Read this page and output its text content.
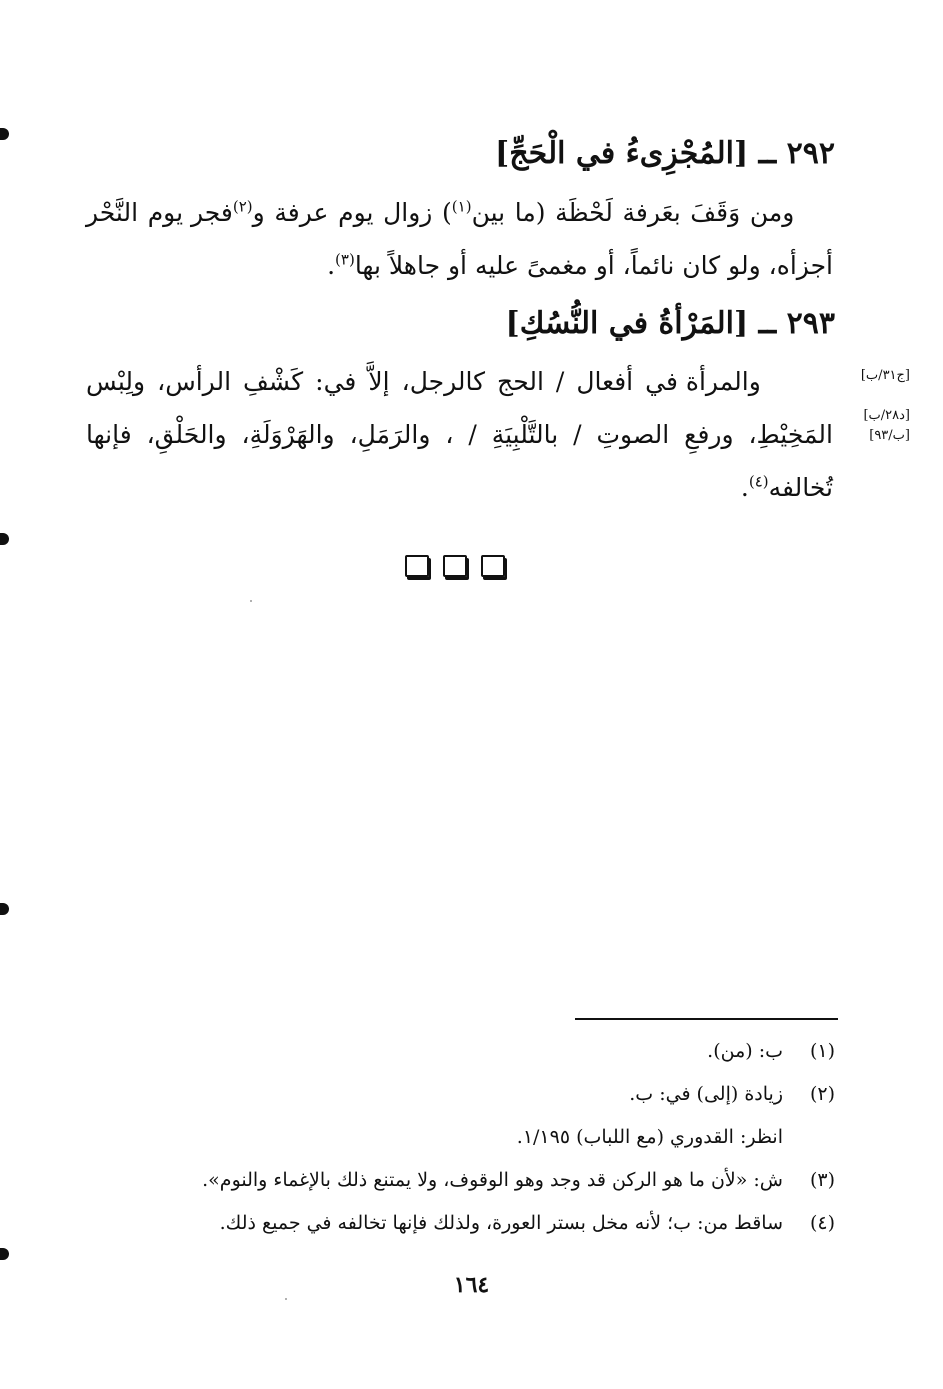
٢٩٢ ــ [المُجْزِىءُ في الْحَجِّ]

ومن وَقَفَ بعَرفة لَحْظَة (ما بين$^{(١)}$) زوال يوم عرفة و$^{(٢)}$فجر يوم النَّحْر أجزأه، ولو كان نائماً، أو مغمىً عليه أو جاهلاً بها$^{(٣)}$.

٢٩٣ ــ [المَرْأةُ في النُّسُكِ]

والمرأة في أفعال / الحج كالرجل، إلاَّ في: كَشْفِ الرأس، ولِبْس المَخِيْطِ، ورفعِ الصوتِ / بالتَّلْبِيَةِ / ، والرَمَلِ، والهَرْوَلَةِ، والحَلْقِ، فإنها تُخالفه$^{(٤)}$.

[ج٣١/ب]
[د٢٨/ب]
[ب/٩٣]
(١)ب: (من).
(٢)زيادة (إلى) في: ب.
انظر: القدوري (مع اللباب) ١/١٩٥.
(٣)ش: «لأن ما هو الركن قد وجد وهو الوقوف، ولا يمتنع ذلك بالإغماء والنوم».
(٤)ساقط من: ب؛ لأنه مخل بستر العورة، ولذلك فإنها تخالفه في جميع ذلك.
١٦٤
